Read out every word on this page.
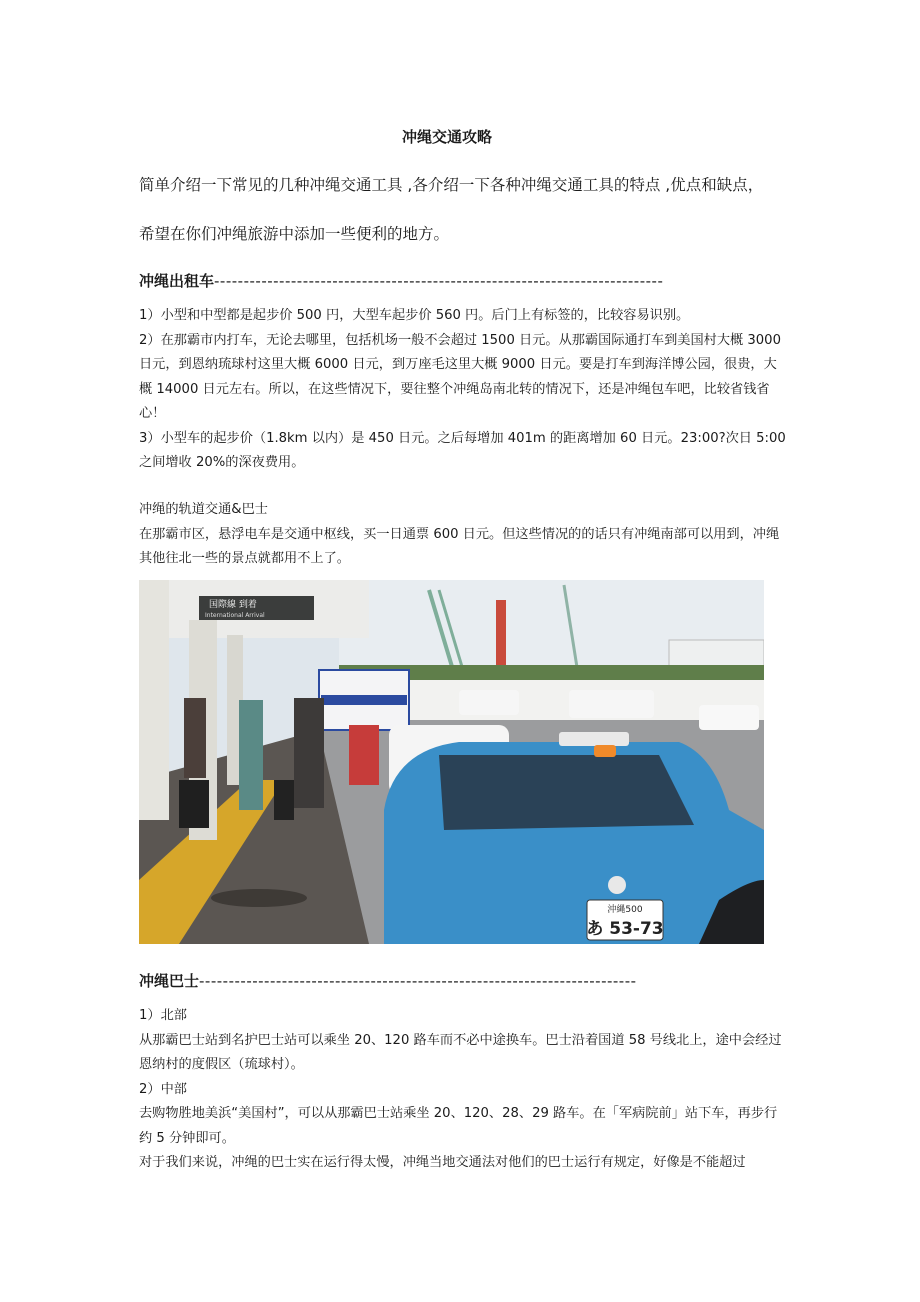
冲绳交通攻略
简单介绍一下常见的几种冲绳交通工具 ,各介绍一下各种冲绳交通工具的特点 ,优点和缺点，
希望在你们冲绳旅游中添加一些便利的地方。
冲绳出租车----------------------------------------------------------------------------

1）小型和中型都是起步价 500 円，大型车起步价 560 円。后门上有标签的，比较容易识别。

2）在那霸市内打车，无论去哪里，包括机场一般不会超过 1500 日元。从那霸国际通打车到美国村大概 3000 日元，到恩纳琉球村这里大概 6000 日元，到万座毛这里大概 9000 日元。要是打车到海洋博公园，很贵，大概 14000 日元左右。所以，在这些情况下，要往整个冲绳岛南北转的情况下，还是冲绳包车吧，比较省钱省心！

3）小型车的起步价（1.8km 以内）是 450 日元。之后每增加 401m 的距离增加 60 日元。23:00?次日 5:00 之间增收 20%的深夜费用。

冲绳的轨道交通&巴士

在那霸市区，悬浮电车是交通中枢线，买一日通票 600 日元。但这些情况的的话只有冲绳南部可以用到，冲绳其他往北一些的景点就都用不上了。

沖縄500
あ 53-73
国際線 到着
International Arrival
冲绳巴士--------------------------------------------------------------------------

1）北部

从那霸巴士站到名护巴士站可以乘坐 20、120 路车而不必中途换车。巴士沿着国道 58 号线北上，途中会经过恩纳村的度假区（琉球村）。

2）中部

去购物胜地美浜“美国村”，可以从那霸巴士站乘坐 20、120、28、29 路车。在「军病院前」站下车，再步行约 5 分钟即可。

对于我们来说，冲绳的巴士实在运行得太慢，冲绳当地交通法对他们的巴士运行有规定，好像是不能超过
